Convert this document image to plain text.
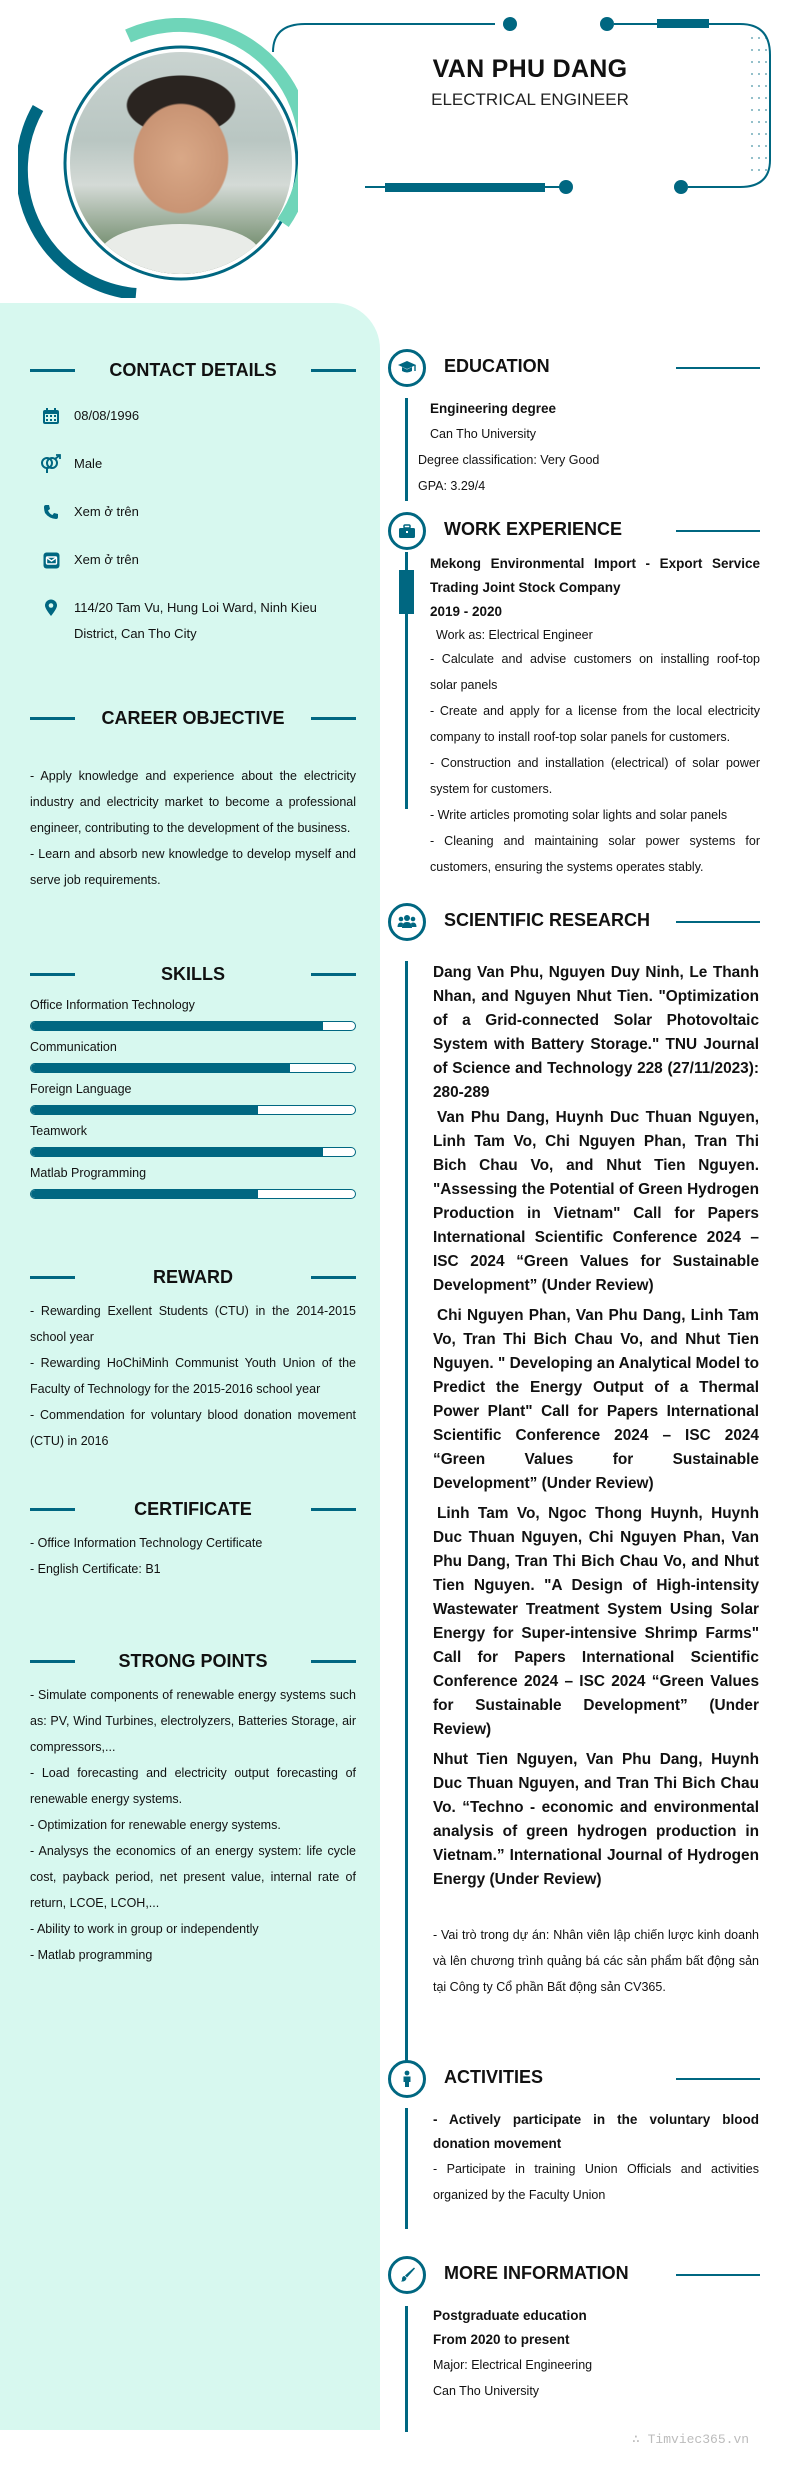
VAN PHU DANG
ELECTRICAL ENGINEER
CONTACT DETAILS
08/08/1996
Male
Xem ở trên
Xem ở trên
114/20 Tam Vu, Hung Loi Ward, Ninh Kieu District, Can Tho City
CAREER OBJECTIVE
- Apply knowledge and experience about the electricity industry and electricity market to become a professional engineer, contributing to the development of the business.
- Learn and absorb new knowledge to develop myself and serve job requirements.
SKILLS
Office Information Technology
Communication
Foreign Language
Teamwork
Matlab Programming
REWARD
- Rewarding Exellent Students (CTU) in the 2014-2015 school year
- Rewarding HoChiMinh Communist Youth Union of the Faculty of Technology for the 2015-2016 school year
- Commendation for voluntary blood donation movement (CTU) in 2016
CERTIFICATE
- Office Information Technology Certificate
- English Certificate: B1
STRONG POINTS
- Simulate components of renewable energy systems such as: PV, Wind Turbines, electrolyzers, Batteries Storage, air compressors,...
- Load forecasting and electricity output forecasting of renewable energy systems.
- Optimization for renewable energy systems.
- Analysys the economics of an energy system: life cycle cost, payback period, net present value, internal rate of return, LCOE, LCOH,...
- Ability to work in group or independently
- Matlab programming
EDUCATION
Engineering degree
Can Tho University
Degree classification: Very Good
GPA: 3.29/4
WORK EXPERIENCE
Mekong Environmental Import - Export Service Trading Joint Stock Company
2019 - 2020
Work as: Electrical Engineer
- Calculate and advise customers on installing roof-top solar panels
- Create and apply for a license from the local electricity company to install roof-top solar panels for customers.
- Construction and installation (electrical) of solar power system for customers.
- Write articles promoting solar lights and solar panels
- Cleaning and maintaining solar power systems for customers, ensuring the systems operates stably.
SCIENTIFIC RESEARCH
Dang Van Phu, Nguyen Duy Ninh, Le Thanh Nhan, and Nguyen Nhut Tien. "Optimization of a Grid-connected Solar Photovoltaic System with Battery Storage." TNU Journal of Science and Technology 228 (27/11/2023): 280-289
Van Phu Dang, Huynh Duc Thuan Nguyen, Linh Tam Vo, Chi Nguyen Phan, Tran Thi Bich Chau Vo, and Nhut Tien Nguyen. "Assessing the Potential of Green Hydrogen Production in Vietnam" Call for Papers International Scientific Conference 2024 – ISC 2024 “Green Values for Sustainable Development” (Under Review)
Chi Nguyen Phan, Van Phu Dang, Linh Tam Vo, Tran Thi Bich Chau Vo, and Nhut Tien Nguyen. " Developing an Analytical Model to Predict the Energy Output of a Thermal Power Plant" Call for Papers International Scientific Conference 2024 – ISC 2024 “Green Values for Sustainable Development” (Under Review)
Linh Tam Vo, Ngoc Thong Huynh, Huynh Duc Thuan Nguyen, Chi Nguyen Phan, Van Phu Dang, Tran Thi Bich Chau Vo, and Nhut Tien Nguyen. "A Design of High-intensity Wastewater Treatment System Using Solar Energy for Super-intensive Shrimp Farms" Call for Papers International Scientific Conference 2024 – ISC 2024 “Green Values for Sustainable Development” (Under Review)
Nhut Tien Nguyen, Van Phu Dang, Huynh Duc Thuan Nguyen, and Tran Thi Bich Chau Vo. “Techno - economic and environmental analysis of green hydrogen production in Vietnam.” International Journal of Hydrogen Energy (Under Review)
- Vai trò trong dự án: Nhân viên lập chiến lược kinh doanh và lên chương trình quảng bá các sản phẩm bất động sản tại Công ty Cổ phần Bất động sản CV365.
ACTIVITIES
- Actively participate in the voluntary blood donation movement
- Participate in training Union Officials and activities organized by the Faculty Union
MORE INFORMATION
Postgraduate education
From 2020 to present
Major: Electrical Engineering
Can Tho University
∴ Timviec365.vn
